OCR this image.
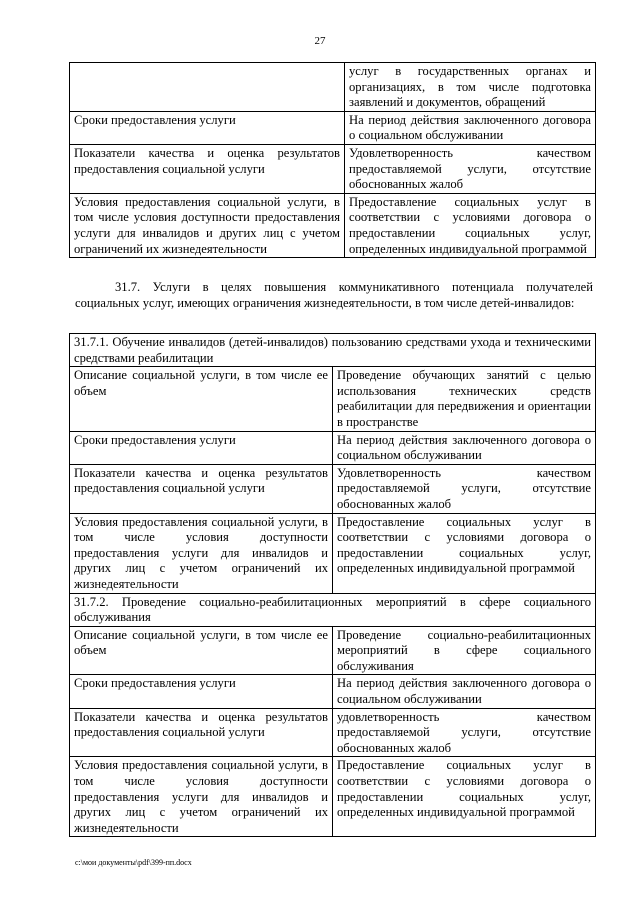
27
	услуг в государственных органах и организациях, в том числе подготовка заявлений и документов, обращений
Сроки предоставления услуги	На период действия заключенного договора о социальном обслуживании
Показатели качества и оценка результатов предоставления социальной услуги	Удовлетворенность качеством предоставляемой услуги, отсутствие обоснованных жалоб
Условия предоставления социальной услуги, в том числе условия доступности предоставления услуги для инвалидов и других лиц с учетом ограничений их жизнедеятельности	Предоставление социальных услуг в соответствии с условиями договора о предоставлении социальных услуг, определенных индивидуальной программой

31.7. Услуги в целях повышения коммуникативного потенциала получателей социальных услуг, имеющих ограничения жизнедеятельности, в том числе детей-инвалидов:

31.7.1. Обучение инвалидов (детей-инвалидов) пользованию средствами ухода и техническими средствами реабилитации	
Описание социальной услуги, в том числе ее объем	Проведение обучающих занятий с целью использования технических средств реабилитации для передвижения и ориентации в пространстве
Сроки предоставления услуги	На период действия заключенного договора о социальном обслуживании
Показатели качества и оценка результатов предоставления социальной услуги	Удовлетворенность качеством предоставляемой услуги, отсутствие обоснованных жалоб
Условия предоставления социальной услуги, в том числе условия доступности предоставления услуги для инвалидов и других лиц с учетом ограничений их жизнедеятельности	Предоставление социальных услуг в соответствии с условиями договора о предоставлении социальных услуг, определенных индивидуальной программой
31.7.2. Проведение социально-реабилитационных мероприятий в сфере социального обслуживания	
Описание социальной услуги, в том числе ее объем	Проведение социально-реабилитационных мероприятий в сфере социального обслуживания
Сроки предоставления услуги	На период действия заключенного договора о социальном обслуживании
Показатели качества и оценка результатов предоставления социальной услуги	удовлетворенность качеством предоставляемой услуги, отсутствие обоснованных жалоб
Условия предоставления социальной услуги, в том числе условия доступности предоставления услуги для инвалидов и других лиц с учетом ограничений их жизнедеятельности	Предоставление социальных услуг в соответствии с условиями договора о предоставлении социальных услуг, определенных индивидуальной программой
c:\мои документы\pdf\399-пп.docx
